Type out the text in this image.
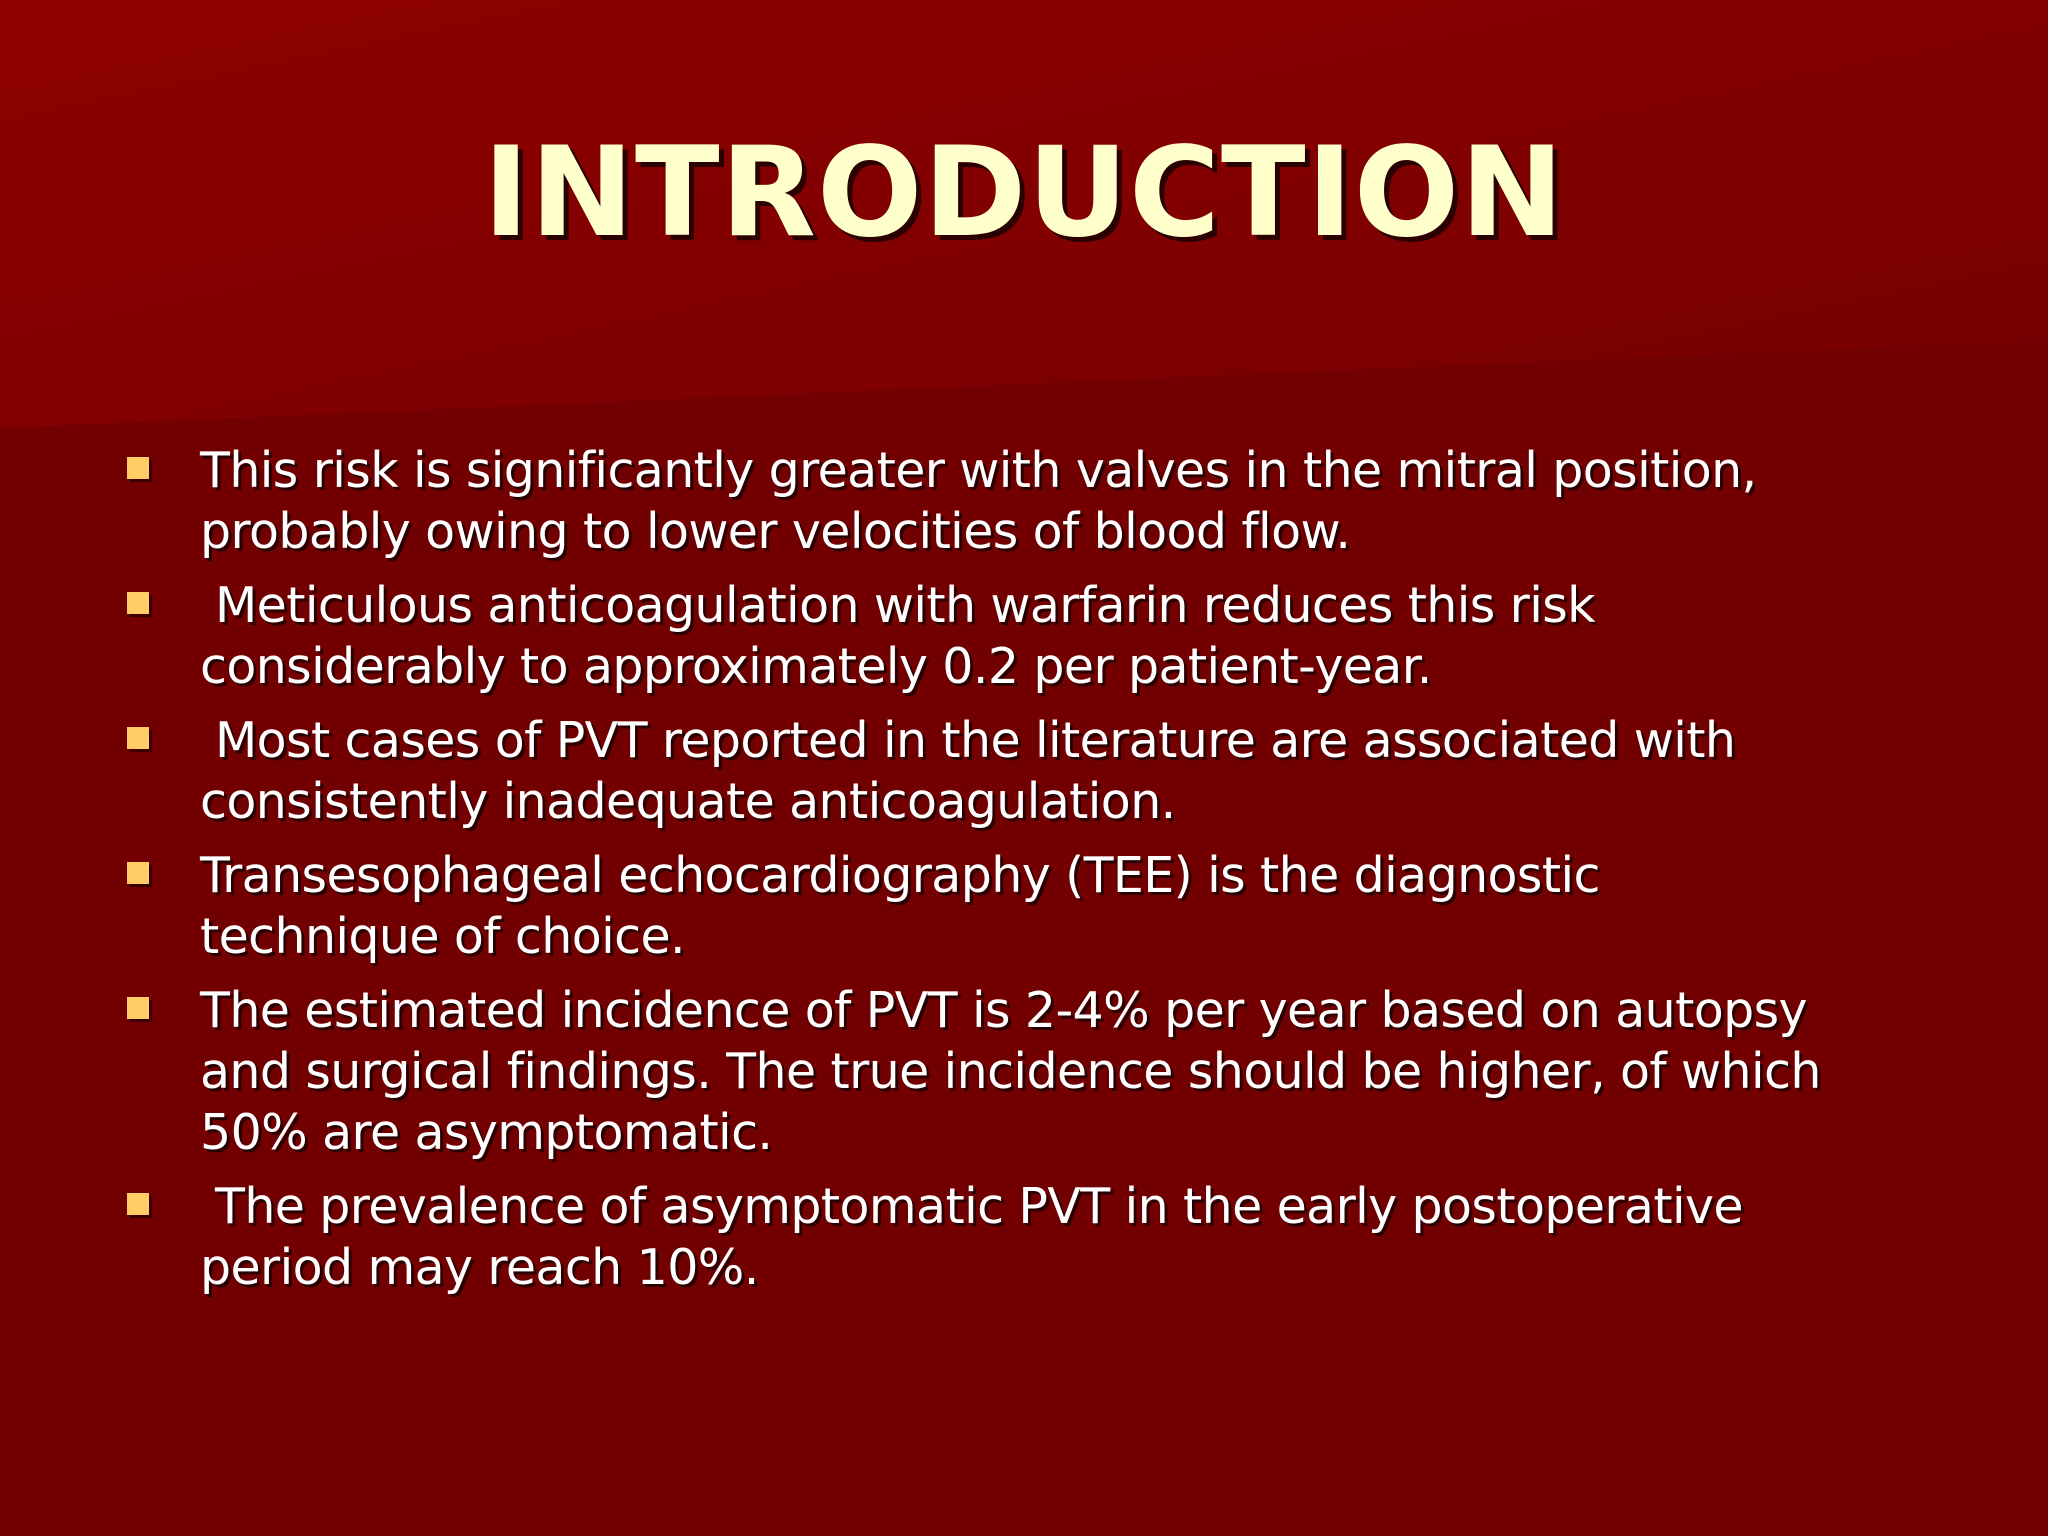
INTRODUCTION
This risk is significantly greater with valves in the mitral position,
probably owing to lower velocities of blood flow.
Meticulous anticoagulation with warfarin reduces this risk
considerably to approximately 0.2 per patient-year.
Most cases of PVT reported in the literature are associated with
consistently inadequate anticoagulation.
Transesophageal echocardiography (TEE) is the diagnostic
technique of choice.
The estimated incidence of PVT is 2-4% per year based on autopsy
and surgical findings. The true incidence should be higher, of which
50% are asymptomatic.
The prevalence of asymptomatic PVT in the early postoperative
period may reach 10%.
